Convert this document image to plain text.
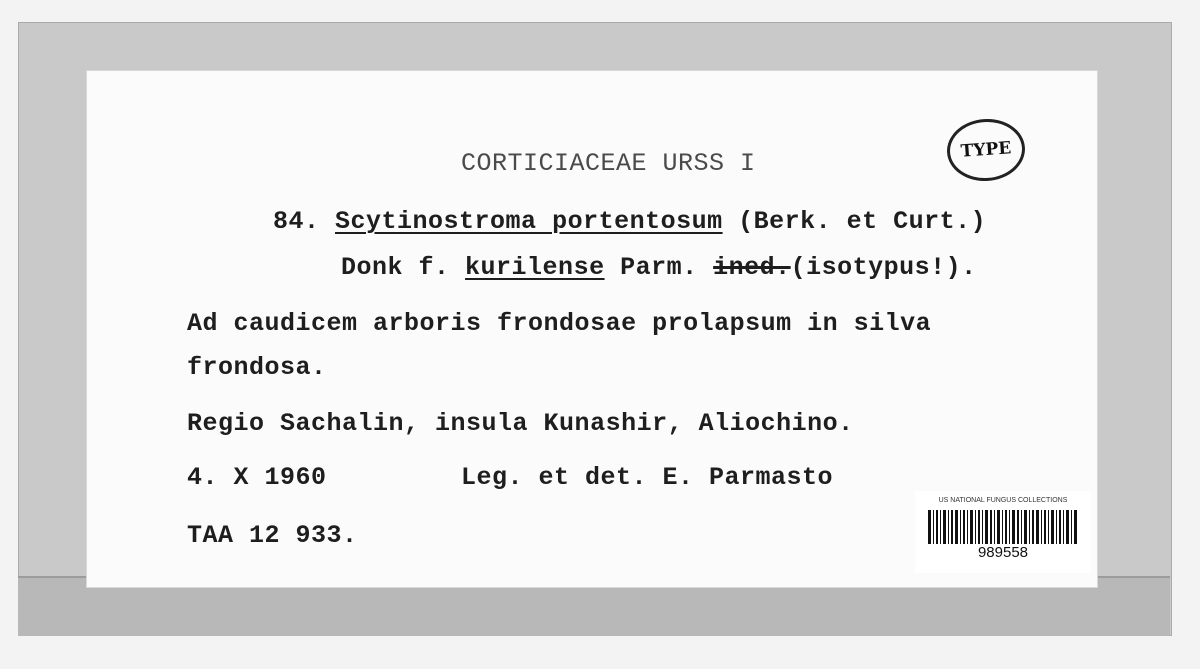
CORTICIACEAE URSS I	TYPE
84. Scytinostroma portentosum (Berk. et Curt.)
Donk f. kurilense Parm. ined.(isotypus!).
Ad caudicem arboris frondosae prolapsum in silva
frondosa.
Regio Sachalin, insula Kunashir, Aliochino.
4. X 1960	Leg. et det. E. Parmasto
TAA 12 933.
US NATIONAL FUNGUS COLLECTIONS
989558
